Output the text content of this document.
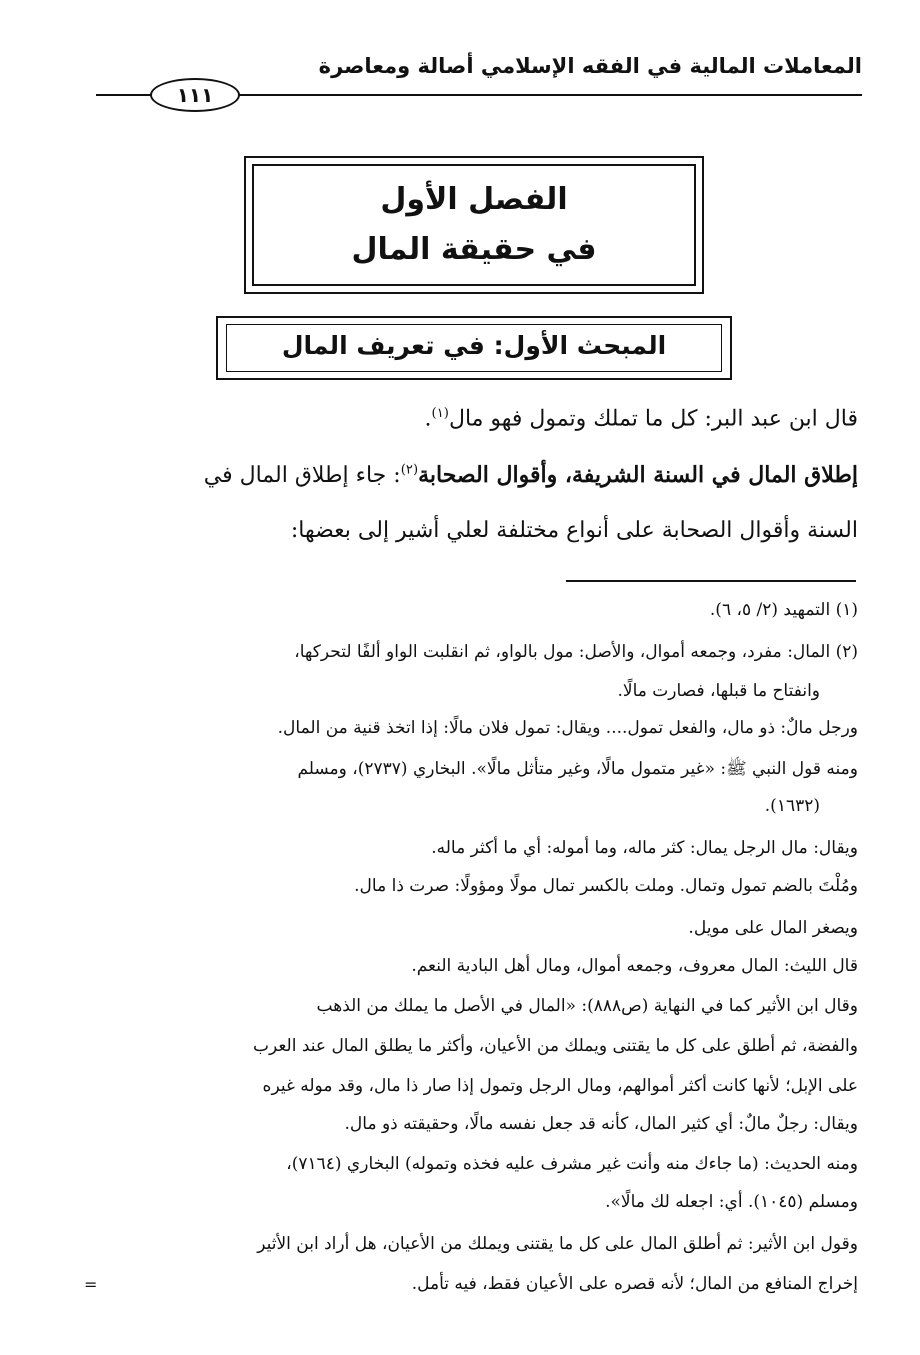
المعاملات المالية في الفقه الإسلامي أصالة ومعاصرة
١١١
الفصل الأول
في حقيقة المال
المبحث الأول: في تعريف المال
قال ابن عبد البر: كل ما تملك وتمول فهو مال$^{(١)}$.
إطلاق المال في السنة الشريفة، وأقوال الصحابة$^{(٢)}$: جاء إطلاق المال في
السنة وأقوال الصحابة على أنواع مختلفة لعلي أشير إلى بعضها:
(١) التمهيد (٢/ ٥، ٦).
(٢) المال: مفرد، وجمعه أموال، والأصل: مول بالواو، ثم انقلبت الواو ألفًا لتحركها،
وانفتاح ما قبلها، فصارت مالًا.
ورجل مالٌ: ذو مال، والفعل تمول.... ويقال: تمول فلان مالًا: إذا اتخذ قنية من المال.
ومنه قول النبي ﷺ: «غير متمول مالًا، وغير متأثل مالًا». البخاري (٢٧٣٧)، ومسلم
(١٦٣٢).
ويقال: مال الرجل يمال: كثر ماله، وما أموله: أي ما أكثر ماله.
ومُلْتَ بالضم تمول وتمال. وملت بالكسر تمال مولًا ومؤولًا: صرت ذا مال.
ويصغر المال على مويل.
قال الليث: المال معروف، وجمعه أموال، ومال أهل البادية النعم.
وقال ابن الأثير كما في النهاية (ص٨٨٨): «المال في الأصل ما يملك من الذهب
والفضة، ثم أطلق على كل ما يقتنى ويملك من الأعيان، وأكثر ما يطلق المال عند العرب
على الإبل؛ لأنها كانت أكثر أموالهم، ومال الرجل وتمول إذا صار ذا مال، وقد موله غيره
ويقال: رجلٌ مالٌ: أي كثير المال، كأنه قد جعل نفسه مالًا، وحقيقته ذو مال.
ومنه الحديث: (ما جاءك منه وأنت غير مشرف عليه فخذه وتموله) البخاري (٧١٦٤)،
ومسلم (١٠٤٥). أي: اجعله لك مالًا».
وقول ابن الأثير: ثم أطلق المال على كل ما يقتنى ويملك من الأعيان، هل أراد ابن الأثير
إخراج المنافع من المال؛ لأنه قصره على الأعيان فقط، فيه تأمل.
=
